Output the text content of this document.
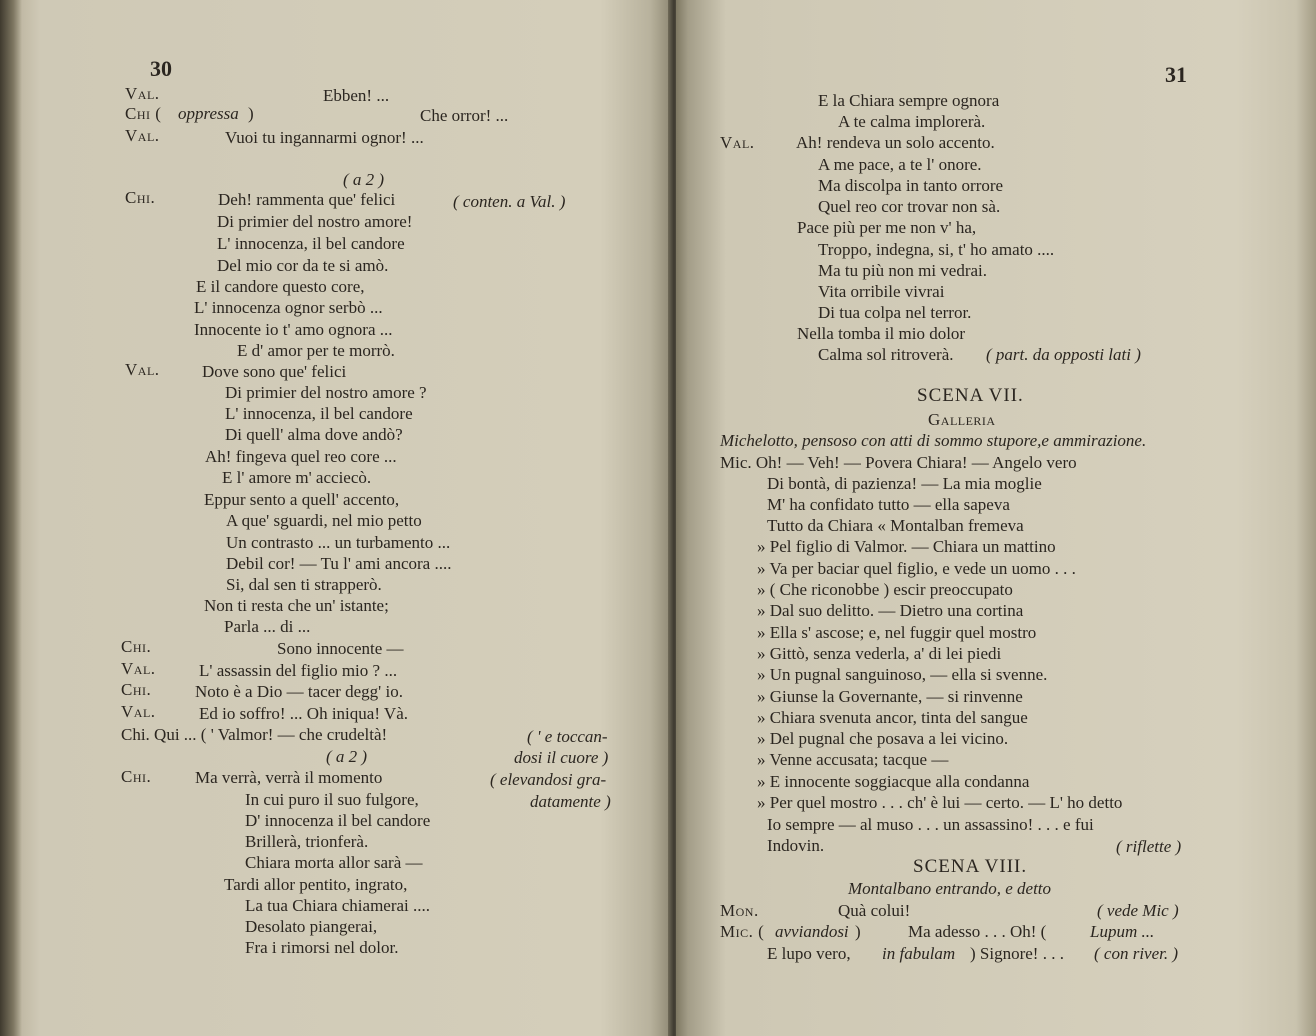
30
Val.	Ebben! ...
Chi ( oppressa )	Che orror! ...
Val.	Vuoi tu ingannarmi ognor! ...
( a 2 )
Chi.	Deh! rammenta que' felici	( conten. a Val. )
Di primier del nostro amore!
L' innocenza, il bel candore
Del mio cor da te si amò.
E il candore questo core,
L' innocenza ognor serbò ...
Innocente io t' amo ognora ...
E d' amor per te morrò.
Val. Dove sono que' felici
Di primier del nostro amore ?
L' innocenza, il bel candore
Di quell' alma dove andò?
Ah! fingeva quel reo core ...
E l' amore m' acciecò.
Eppur sento a quell' accento,
A que' sguardi, nel mio petto
Un contrasto ... un turbamento ...
Debil cor! — Tu l' ami ancora ....
Si, dal sen ti strapperò.
Non ti resta che un' istante;
Parla ... di ...
Chi.	Sono innocente —
Val.	L' assassin del figlio mio ? ...
Chi.	Noto è a Dio — tacer degg' io.
Val.	Ed io soffro! ... Oh iniqua! Và.
Chi. Qui ... ( ' Valmor! — che crudeltà!	( ' e toccan-
( a 2 )	dosi il cuore )
Chi.	Ma verrà, verrà il momento	( elevandosi gra-
In cui puro il suo fulgore,	datamente )
D' innocenza il bel candore
Brillerà, trionferà.
Chiara morta allor sarà —
Tardi allor pentito, ingrato,
La tua Chiara chiamerai ....
Desolato piangerai,
Fra i rimorsi nel dolor.
31
E la Chiara sempre ognora
A te calma implorerà.
Val. Ah! rendeva un solo accento.
A me pace, a te l' onore.
Ma discolpa in tanto orrore
Quel reo cor trovar non sà.
Pace più per me non v' ha,
Troppo, indegna, si, t' ho amato ....
Ma tu più non mi vedrai.
Vita orribile vivrai
Di tua colpa nel terror.
Nella tomba il mio dolor
Calma sol ritroverà. ( part. da opposti lati )
SCENA VII.
Galleria
Michelotto, pensoso con atti di sommo stupore,e ammirazione.
Mic. Oh! — Veh! — Povera Chiara! — Angelo vero
Di bontà, di pazienza! — La mia moglie
M' ha confidato tutto — ella sapeva
Tutto da Chiara « Montalban fremeva
» Pel figlio di Valmor. — Chiara un mattino
» Va per baciar quel figlio, e vede un uomo . . .
» ( Che riconobbe ) escir preoccupato
» Dal suo delitto. — Dietro una cortina
» Ella s' ascose; e, nel fuggir quel mostro
» Gittò, senza vederla, a' di lei piedi
» Un pugnal sanguinoso, — ella si svenne.
» Giunse la Governante, — si rinvenne
» Chiara svenuta ancor, tinta del sangue
» Del pugnal che posava a lei vicino.
» Venne accusata; tacque —
» E innocente soggiacque alla condanna
» Per quel mostro . . . ch' è lui — certo. — L' ho detto
Io sempre — al muso . . . un assassino! . . . e fui
Indovin.	( riflette )
SCENA VIII.
Montalbano entrando, e detto
Mon.	Quà colui!	( vede Mic )
Mic. ( avviandosi )	Ma adesso . . . Oh! (	Lupum ...
E lupo vero, in fabulam ) Signore! . . . ( con river. )
